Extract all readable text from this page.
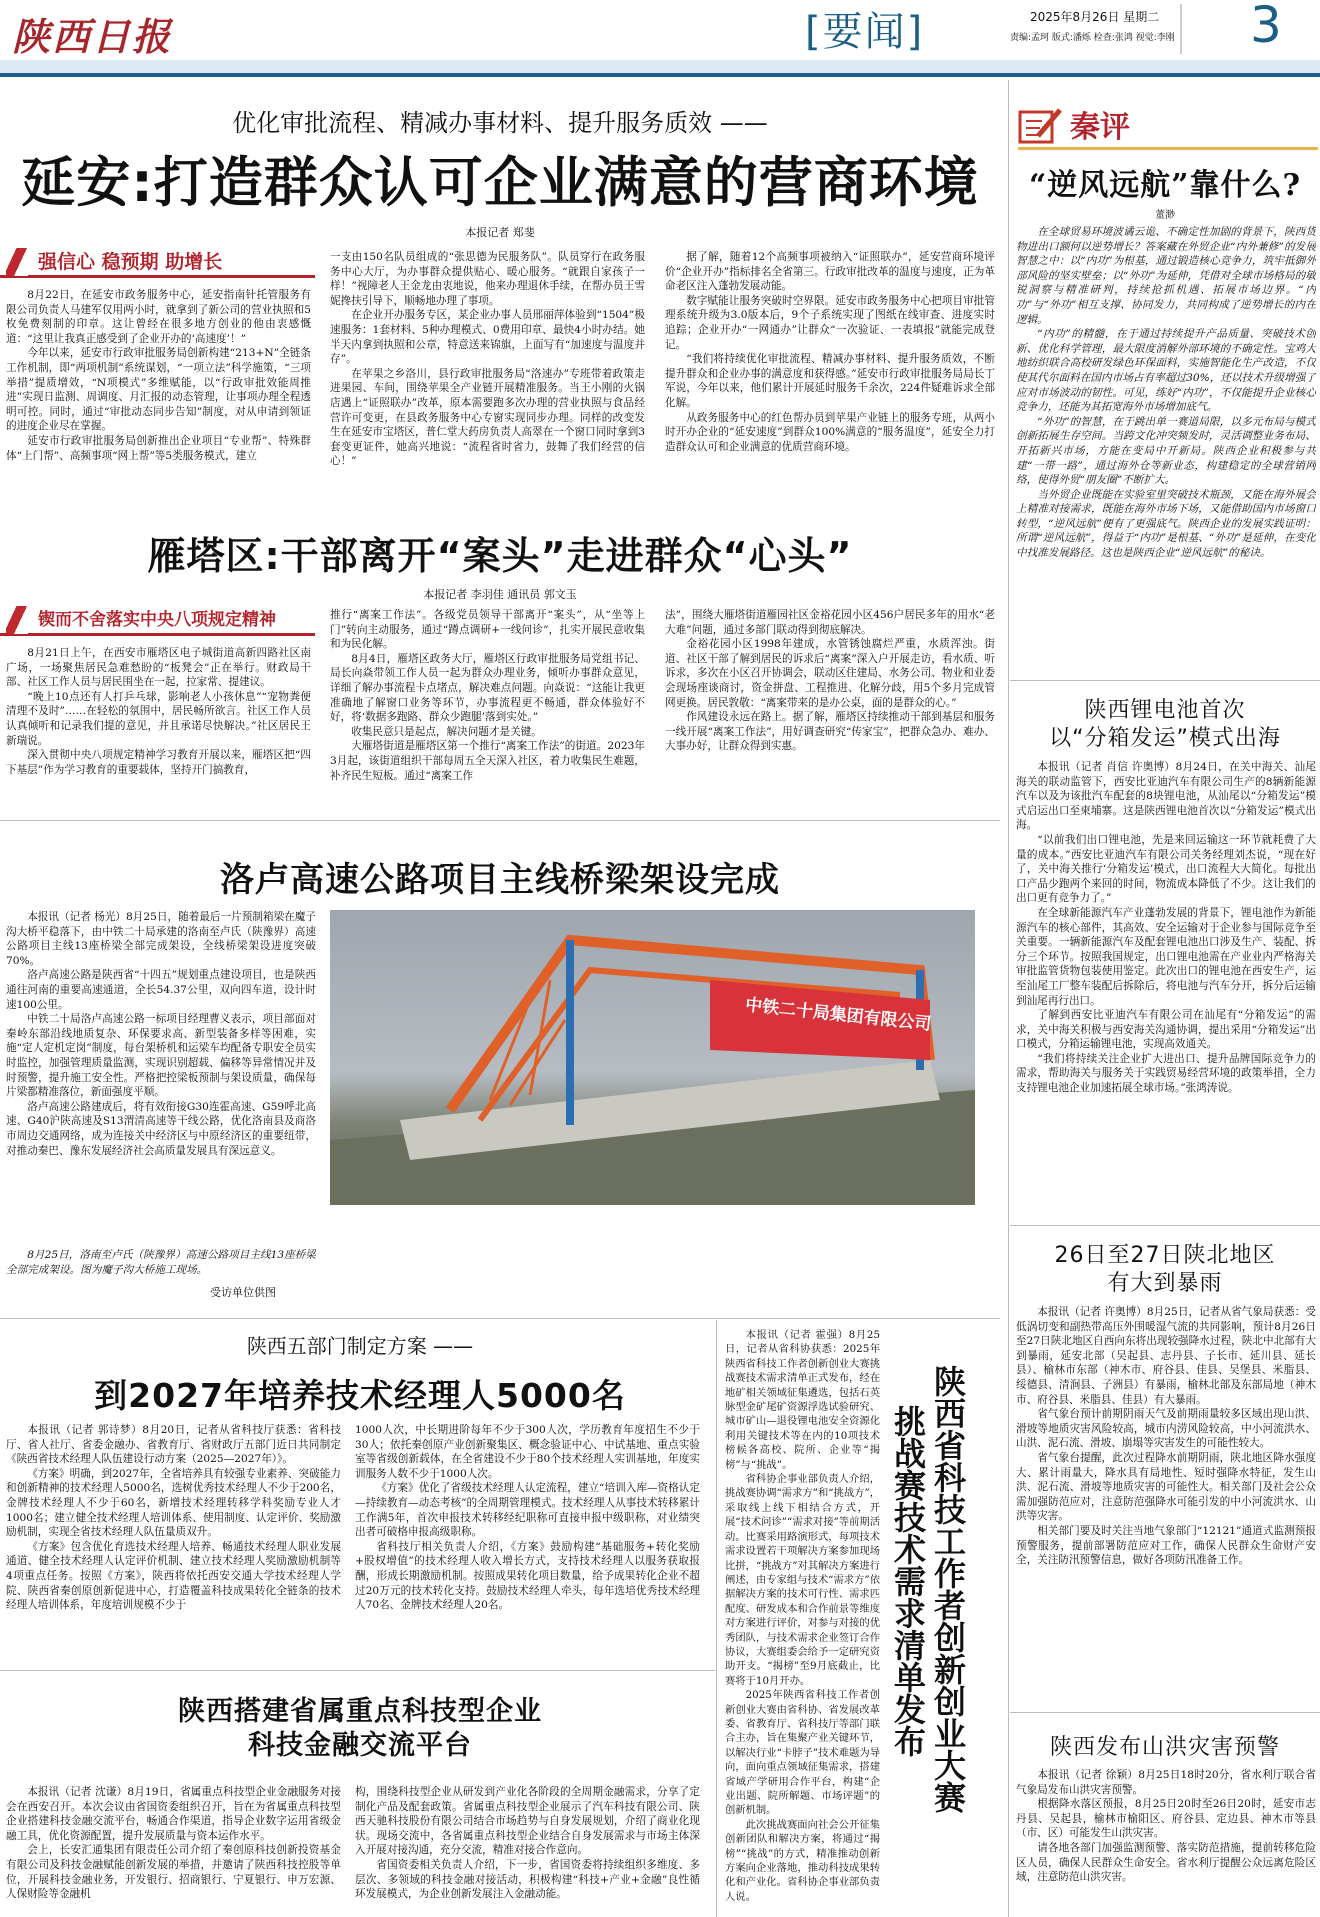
陕西日报	[要闻]	2025年8月26日 星期二
责编:孟珂 版式:潘烁 检查:张鸿 视觉:李刚 3
优化审批流程、精减办事材料、提升服务质效 ——
延安:打造群众认可企业满意的营商环境
本报记者 郑斐
强信心 稳预期 助增长

8月22日，在延安市政务服务中心，延安指南针托管服务有限公司负责人马建军仅用两小时，就拿到了新公司的营业执照和5枚免费刻制的印章。这让曾经在很多地方创业的他由衷感慨道：“这里让我真正感受到了企业开办的‘高速度’！”

今年以来，延安市行政审批服务局创新构建“213+N”全链条工作机制，即“两项机制”系统谋划，“一项立法”科学施策，“三项举措”提质增效，“N项模式”多维赋能，以“行政审批效能周推进”实现日监测、周调度、月汇报的动态管理，让事项办理全程透明可控。同时，通过“审批动态同步告知”制度，对从申请到领证的进度企业尽在掌握。

延安市行政审批服务局创新推出企业项目“专业帮”、特殊群体“上门帮”、高频事项“网上帮”等5类服务模式，建立

一支由150名队员组成的“张思德为民服务队”。队员穿行在政务服务中心大厅，为办事群众提供贴心、暖心服务。“就跟自家孩子一样！”视障老人王金龙由衷地说，他来办理退休手续，在帮办员王雪妮搀扶引导下，顺畅地办理了事项。

在企业开办服务专区，某企业办事人员邢丽萍体验到“1504”极速服务：1套材料、5种办理模式、0费用印章、最快4小时办结。她半天内拿到执照和公章，特意送来锦旗，上面写有“加速度与温度并存”。

在苹果之乡洛川，县行政审批服务局“洛速办”专班带着政策走进果园、车间，围绕苹果全产业链开展精准服务。当王小刚的火锅店遇上“证照联办”改革，原本需要跑多次办理的营业执照与食品经营许可变更，在县政务服务中心专窗实现同步办理。同样的改变发生在延安市宝塔区，普仁堂大药房负责人高翠在一个窗口同时拿到3套变更证件，她高兴地说：“流程省时省力，鼓舞了我们经营的信心！”

据了解，随着12个高频事项被纳入“证照联办”，延安营商环境评价“企业开办”指标排名全省第三。行政审批改革的温度与速度，正为革命老区注入蓬勃发展动能。

数字赋能让服务突破时空界限。延安市政务服务中心把项目审批管理系统升级为3.0版本后，9个子系统实现了图纸在线审查、进度实时追踪；企业开办“一网通办”让群众“一次验证、一表填报”就能完成登记。

“我们将持续优化审批流程、精减办事材料、提升服务质效，不断提升群众和企业办事的满意度和获得感。”延安市行政审批服务局局长丁军说，今年以来，他们累计开展延时服务千余次，224件疑难诉求全部化解。

从政务服务中心的红色帮办员到苹果产业链上的服务专班，从两小时开办企业的“延安速度”到群众100%满意的“服务温度”，延安全力打造群众认可和企业满意的优质营商环境。

雁塔区:干部离开“案头”走进群众“心头”
本报记者 李羽佳 通讯员 郭文玉
锲而不舍落实中央八项规定精神

8月21日上午，在西安市雁塔区电子城街道高新四路社区南广场，一场聚焦居民急难愁盼的“板凳会”正在举行。财政局干部、社区工作人员与居民围坐在一起，拉家常、提建议。

“晚上10点还有人打乒乓球，影响老人小孩休息”“宠物粪便清理不及时”……在轻松的氛围中，居民畅所欲言。社区工作人员认真倾听和记录我们提的意见，并且承诺尽快解决。”社区居民王新瑞说。

深入贯彻中央八项规定精神学习教育开展以来，雁塔区把“四下基层”作为学习教育的重要载体，坚持开门搞教育，

推行“离案工作法”。各级党员领导干部离开“案头”，从“坐等上门”转向主动服务，通过“蹲点调研+一线问诊”，扎实开展民意收集和为民化解。

8月4日，雁塔区政务大厅，雁塔区行政审批服务局党组书记、局长向焱带领工作人员一起为群众办理业务，倾听办事群众意见，详细了解办事流程卡点堵点，解决难点问题。向焱说：“这能让我更准确地了解窗口业务等环节，办事流程更不畅通，群众体验好不好，将‘数据多跑路、群众少跑腿’落到实处。”

收集民意只是起点，解决问题才是关键。

大雁塔街道是雁塔区第一个推行“离案工作法”的街道。2023年3月起，该街道组织干部每周五全天深入社区，着力收集民生难题，补齐民生短板。通过“离案工作

法”，围绕大雁塔街道雁园社区金裕花园小区456户居民多年的用水“老大难”问题，通过多部门联动得到彻底解决。

金裕花园小区1998年建成，水管锈蚀腐烂严重，水质浑浊。街道、社区干部了解到居民的诉求后“离案”深入户开展走访，看水质、听诉求，多次在小区召开协调会，联动区住建局、水务公司、物业和业委会现场座谈商讨，资金拼盘、工程推进、化解分歧，用5个多月完成管网更换。居民敦敬：“离案带来的是办公桌，面的是群众的心。”

作风建设永远在路上。据了解，雁塔区持续推动干部到基层和服务一线开展“离案工作法”，用好调查研究“传家宝”，把群众急办、难办、大事办好，让群众得到实惠。

洛卢高速公路项目主线桥梁架设完成

本报讯（记者 杨光）8月25日，随着最后一片预制箱梁在魔子沟大桥平稳落下，由中铁二十局承建的洛南至卢氏（陕豫界）高速公路项目主线13座桥梁全部完成架设，全线桥梁架设进度突破70%。

洛卢高速公路是陕西省“十四五”规划重点建设项目，也是陕西通往河南的重要高速通道，全长54.37公里，双向四车道，设计时速100公里。

中铁二十局洛卢高速公路一标项目经理曹义表示，项目部面对秦岭东部沿线地质复杂、环保要求高、新型装备多样等困难，实施“定人定机定岗”制度，每台架桥机和运梁车均配备专职安全员实时监控，加强管理质量监测，实现识别超载、偏移等异常情况并及时预警，提升施工安全性。严格把控梁板预制与架设质量，确保每片梁都精准落位，新面强度平顺。

洛卢高速公路建成后，将有效衔接G30连霍高速、G59呼北高速、G40沪陕高速及S13渭清高速等干线公路，优化洛南县及商洛市周边交通网络，成为连接关中经济区与中原经济区的重要纽带，对推动秦巴、豫东发展经济社会高质量发展具有深远意义。

中铁二十局集团有限公司

8月25日，洛南至卢氏（陕豫界）高速公路项目主线13座桥梁全部完成架设。图为魔子沟大桥施工现场。

受访单位供图
陕西五部门制定方案 ——
到2027年培养技术经理人5000名

本报讯（记者 郭诗梦）8月20日，记者从省科技厅获悉：省科技厅、省人社厅、省委金融办、省教育厅、省财政厅五部门近日共同制定《陕西省技术经理人队伍建设行动方案（2025—2027年）》。

《方案》明确，到2027年，全省培养具有较强专业素养、突破能力和创新精神的技术经理人5000名，选树优秀技术经理人不少于200名，金牌技术经理人不少于60名，新增技术经理转移学科奖励专业人才1000名；建立健全技术经理人培训体系、使用制度、认定评价、奖励激励机制，实现全省技术经理人队伍量质双升。

《方案》包含优化育选技术经理人培养、畅通技术经理人职业发展通道、健全技术经理人认定评价机制、建立技术经理人奖励激励机制等4项重点任务。按照《方案》，陕西将依托西安交通大学技术经理人学院、陕西省秦创原创新促进中心，打造覆盖科技成果转化全链条的技术经理人培训体系，年度培训规模不少于

1000人次，中长期进阶每年不少于300人次，学历教育年度招生不少于30人；依托秦创原产业创新聚集区、概念验证中心、中试基地、重点实验室等省级创新载体，在全省建设不少于80个技术经理人实训基地，年度实训服务人数不少于1000人次。

《方案》优化了省级技术经理人认定流程，建立“培训入库—资格认定—持续教育—动态考核”的全周期管理模式。技术经理人从事技术转移累计工作满5年，首次申报技术转移经纪职称可直接申报中级职称，对业绩突出者可破格申报高级职称。

省科技厅相关负责人介绍，《方案》鼓励构建“基础服务+转化奖励+股权增值”的技术经理人收入增长方式，支持技术经理人以服务获取报酬，形成长期激励机制。按照成果转化项目数量，给予成果转化企业不超过20万元的技术转化支持。鼓励技术经理人牵头，每年选培优秀技术经理人70名、金牌技术经理人20名。

陕西搭建省属重点科技型企业
科技金融交流平台

本报讯（记者 沈谦）8月19日，省属重点科技型企业金融服务对接会在西安召开。本次会议由省国资委组织召开，旨在为省属重点科技型企业搭建科技金融交流平台，畅通合作渠道，指导企业数字运用省级金融工具，优化资源配置，提升发展质量与资本运作水平。

会上，长安汇通集团有限责任公司介绍了秦创原科技创新投资基金有限公司及科技金融赋能创新发展的举措，并邀请了陕西科技控股等单位，开展科技金融业务，开发银行、招商银行、宁夏银行、申万宏源、人保财险等金融机

构，围绕科技型企业从研发到产业化各阶段的全周期金融需求，分享了定制化产品及配套政策。省属重点科技型企业展示了汽车科技有限公司、陕西天驰科技股份有限公司结合市场趋势与自身发展规划，介绍了商业化现状。现场交流中，各省属重点科技型企业结合自身发展需求与市场主体深入开展对接沟通，充分交流，精准对接合作意向。

省国资委相关负责人介绍，下一步，省国资委将持续组织多维度、多层次、多领域的科技金融对接活动，积极构建“科技+产业+金融”良性循环发展模式，为企业创新发展注入金融动能。

本报讯（记者 霍强）8月25日，记者从省科协获悉：2025年陕西省科技工作者创新创业大赛挑战赛技术需求清单正式发布，经在地矿相关领域征集遴选，包括石英脉型金矿尾矿资源浮选试验研究、城市矿山—退役锂电池安全资源化利用关键技术等在内的10项技术榜候各高校、院所、企业等“揭榜”与“挑战”。

省科协企事业部负责人介绍，挑战赛协调“需求方”和“挑战方”，采取线上线下相结合方式，开展“技术问诊”“需求对接”等前期活动。比赛采用路演形式，每项技术需求设置若干项解决方案参加现场比拼，“挑战方”对其解决方案进行阐述，由专家组与技术“需求方”依据解决方案的技术可行性、需求匹配度、研发成本和合作前景等维度对方案进行评价，对参与对接的优秀团队，与技术需求企业签订合作协议，大赛组委会给予一定研究资助开支。“揭榜”至9月底截止，比赛将于10月开办。

2025年陕西省科技工作者创新创业大赛由省科协、省发展改革委、省教育厅、省科技厅等部门联合主办，旨在集聚产业关键环节，以解决行业“卡脖子”技术难题为导向，面向重点领域征集需求，搭建省域产学研用合作平台，构建“企业出题、院所解题、市场评题”的创新机制。

此次挑战赛面向社会公开征集创新团队和解决方案，将通过“揭榜”“挑战”的方式，精准推动创新方案向企业落地，推动科技成果转化和产业化。省科协企事业部负责人说。

陕西省科技工作者创新创业大赛挑战赛技术需求清单发布
秦评
“逆风远航”靠什么?
董渺

在全球贸易环境波谲云诡、不确定性加剧的背景下，陕西货物进出口额何以逆势增长？答案藏在外贸企业“内外兼修”的发展智慧之中：以“内功”为根基，通过锻造核心竞争力，筑牢抵御外部风险的坚实壁垒；以“外功”为延伸，凭借对全球市场格局的敏锐洞察与精准研判，持续抢抓机遇、拓展市场边界。“内功”与“外功”相互支撑、协同发力，共同构成了逆势增长的内在逻辑。

“内功”的精髓，在于通过持续提升产品质量、突破技术创新、优化科学管理，最大限度消解外部环境的不确定性。宝鸡大地纺织联合高校研发绿色环保面料，实施智能化生产改造，不仅使其代尔面料在国内市场占有率超过30%，还以技术升级增强了应对市场波动的韧性。可见，练好“内功”，不仅能提升企业核心竞争力，还能为其拓宽海外市场增加底气。

“外功”的智慧，在于跳出单一赛道局限，以多元布局与模式创新拓展生存空间。当跨文化冲突频发时，灵活调整业务布局、开拓新兴市场，方能在变局中开新局。陕西企业积极参与共建“一带一路”，通过海外仓等新业态，构建稳定的全球营销网络，使得外贸“朋友圈”不断扩大。

当外贸企业既能在实验室里突破技术瓶颈，又能在海外展会上精准对接需求，既能在海外市场下场，又能借助国内市场窗口转型，“逆风远航”便有了更强底气。陕西企业的发展实践证明：所谓“逆风远航”，得益于“内功”是根基、“外功”是延伸，在变化中找准发展路径。这也是陕西企业“逆风远航”的秘诀。

陕西锂电池首次
以“分箱发运”模式出海

本报讯（记者 肖信 许奥博）8月24日，在关中海关、汕尾海关的联动监管下，西安比亚迪汽车有限公司生产的8辆新能源汽车以及为该批汽车配套的8块锂电池，从汕尾以“分箱发运”模式启运出口至柬埔寨。这是陕西锂电池首次以“分箱发运”模式出海。

“以前我们出口锂电池，先是来回运输这一环节就耗费了大量的成本。”西安比亚迪汽车有限公司关务经理刘杰说，“现在好了，关中海关推行‘分箱发运’模式，出口流程大大简化。每批出口产品少跑两个来回的时间，物流成本降低了不少。这让我们的出口更有竞争力了。”

在全球新能源汽车产业蓬勃发展的背景下，锂电池作为新能源汽车的核心部件，其高效、安全运输对于企业参与国际竞争至关重要。一辆新能源汽车及配套锂电池出口涉及生产、装配、拆分三个环节。按照我国规定，出口锂电池需在产业业内严格海关审批监管货物包装使用鉴定。此次出口的锂电池在西安生产，运至汕尾工厂整车装配后拆除后，将电池与汽车分开，拆分后运输到汕尾再行出口。

了解到西安比亚迪汽车有限公司在汕尾有“分箱发运”的需求，关中海关积极与西安海关沟通协调，提出采用“分箱发运”出口模式，分箱运输锂电池，实现高效通关。

“我们将持续关注企业扩大进出口、提升品牌国际竞争力的需求，帮助海关与服务关于实践贸易经营环境的政策举措，全力支持锂电池企业加速拓展全球市场。”张鸿涛说。

26日至27日陕北地区
有大到暴雨

本报讯（记者 许奥博）8月25日，记者从省气象局获悉：受低涡切变和副热带高压外围暖湿气流的共同影响，预计8月26日至27日陕北地区自西向东将出现较强降水过程，陕北中北部有大到暴雨，延安北部（吴起县、志丹县、子长市、延川县、延长县）、榆林市东部（神木市、府谷县、佳县、吴堡县、米脂县、绥德县、清涧县、子洲县）有暴雨，榆林北部及东部局地（神木市、府谷县、米脂县、佳县）有大暴雨。

省气象台预计前期阴雨天气及前期雨量较多区域出现山洪、滑坡等地质灾害风险较高，城市内涝风险较高，中小河流洪水、山洪、泥石流、滑坡、崩塌等灾害发生的可能性较大。

省气象台提醒，此次过程降水前期阴雨，陕北地区降水强度大、累计雨量大，降水具有局地性、短时强降水特征，发生山洪、泥石流、滑坡等地质灾害的可能性大。相关部门及社会公众需加强防范应对，注意防范强降水可能引发的中小河流洪水、山洪等灾害。

相关部门要及时关注当地气象部门“12121”通道式监测预报预警服务，提前部署防范应对工作，确保人民群众生命财产安全，关注防汛预警信息，做好各项防汛准备工作。

陕西发布山洪灾害预警

本报讯（记者 徐颖）8月25日18时20分，省水利厅联合省气象局发布山洪灾害预警。

根据降水落区预报，8月25日20时至26日20时，延安市志丹县、吴起县，榆林市榆阳区、府谷县、定边县、神木市等县（市、区）可能发生山洪灾害。

请各地各部门加强监测预警、落实防范措施，提前转移危险区人员，确保人民群众生命安全。省水利厅提醒公众远离危险区域，注意防范山洪灾害。
